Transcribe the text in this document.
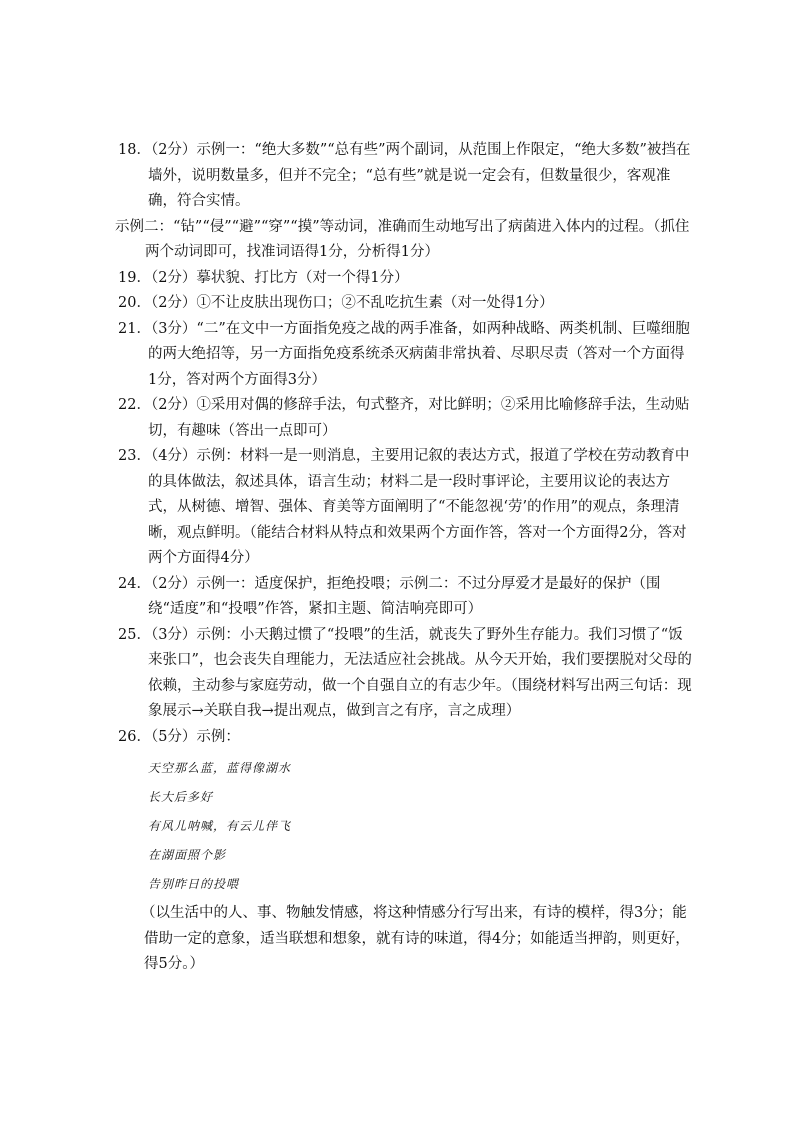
18．（2分）示例一：“绝大多数”“总有些”两个副词，从范围上作限定，“绝大多数”被挡在墙外，说明数量多，但并不完全；“总有些”就是说一定会有，但数量很少，客观准确，符合实情。

示例二：“钻”“侵”“避”“穿”“摸”等动词，准确而生动地写出了病菌进入体内的过程。（抓住两个动词即可，找准词语得1分，分析得1分）

19．（2分）摹状貌、打比方（对一个得1分）

20．（2分）①不让皮肤出现伤口；②不乱吃抗生素（对一处得1分）

21．（3分）“二”在文中一方面指免疫之战的两手准备，如两种战略、两类机制、巨噬细胞的两大绝招等，另一方面指免疫系统杀灭病菌非常执着、尽职尽责（答对一个方面得1分，答对两个方面得3分）

22．（2分）①采用对偶的修辞手法，句式整齐，对比鲜明；②采用比喻修辞手法，生动贴切，有趣味（答出一点即可）

23．（4分）示例：材料一是一则消息，主要用记叙的表达方式，报道了学校在劳动教育中的具体做法，叙述具体，语言生动；材料二是一段时事评论，主要用议论的表达方式，从树德、增智、强体、育美等方面阐明了“不能忽视‘劳’的作用”的观点，条理清晰，观点鲜明。（能结合材料从特点和效果两个方面作答，答对一个方面得2分，答对两个方面得4分）

24．（2分）示例一：适度保护，拒绝投喂；示例二：不过分厚爱才是最好的保护（围绕“适度”和“投喂”作答，紧扣主题、简洁响亮即可）

25．（3分）示例：小天鹅过惯了“投喂”的生活，就丧失了野外生存能力。我们习惯了“饭来张口”，也会丧失自理能力，无法适应社会挑战。从今天开始，我们要摆脱对父母的依赖，主动参与家庭劳动，做一个自强自立的有志少年。（围绕材料写出两三句话：现象展示→关联自我→提出观点，做到言之有序，言之成理）

26．（5分）示例：

天空那么蓝，蓝得像湖水

长大后多好

有风儿呐喊，有云儿伴飞

在湖面照个影

告别昨日的投喂

（以生活中的人、事、物触发情感，将这种情感分行写出来，有诗的模样，得3分；能借助一定的意象，适当联想和想象，就有诗的味道，得4分；如能适当押韵，则更好，得5分。）
